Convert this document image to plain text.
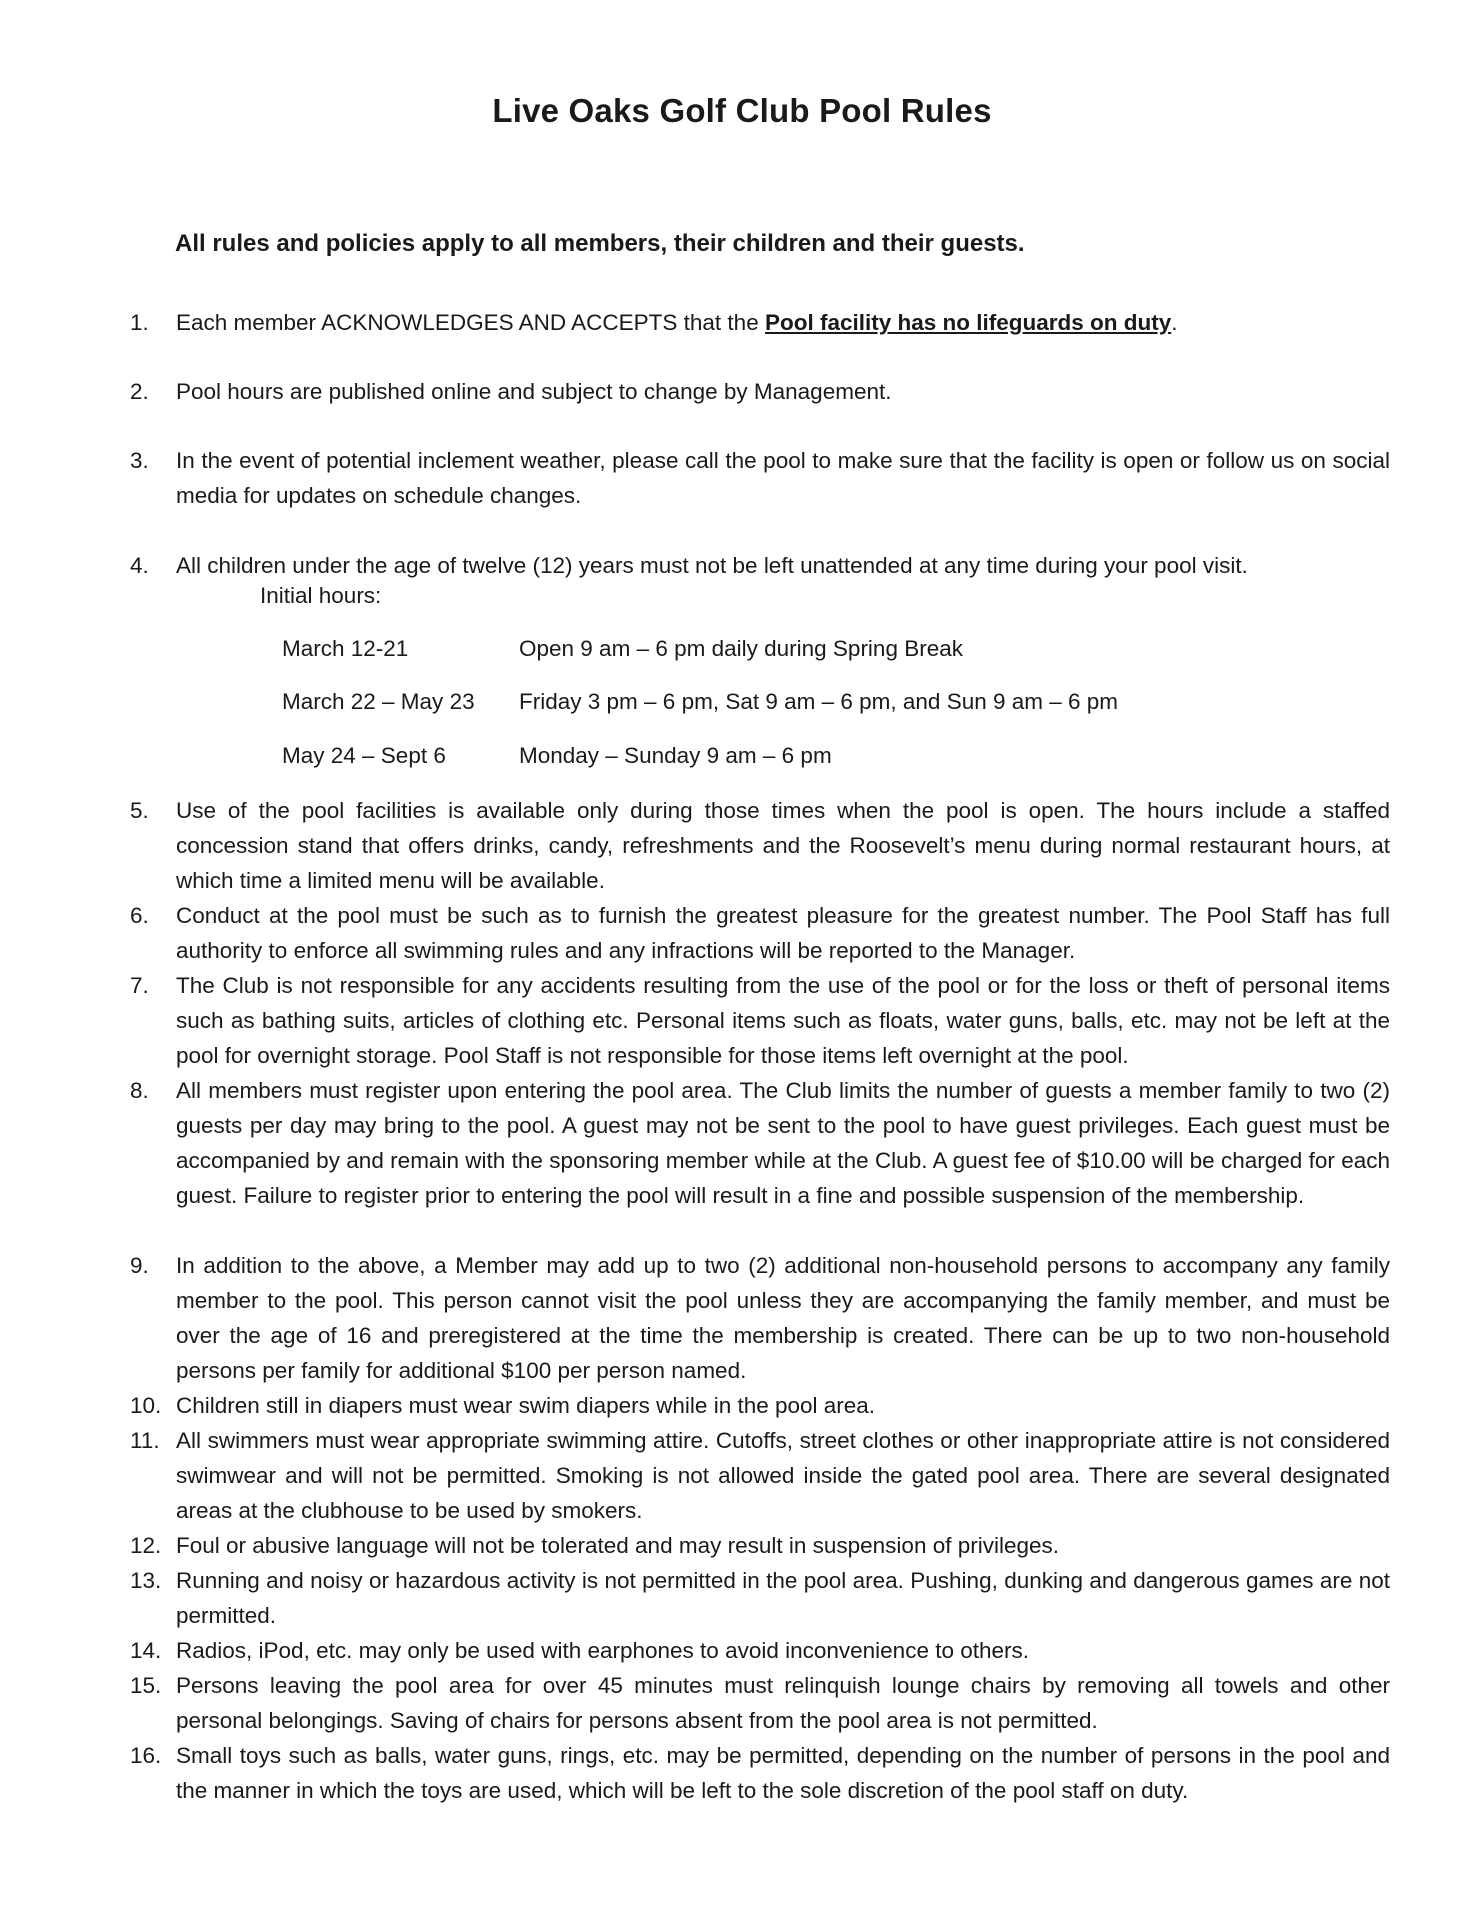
Live Oaks Golf Club Pool Rules
All rules and policies apply to all members, their children and their guests.
1.	Each member ACKNOWLEDGES AND ACCEPTS that the Pool facility has no lifeguards on duty.
2.	Pool hours are published online and subject to change by Management.
3.	In the event of potential inclement weather, please call the pool to make sure that the facility is open or follow us on social media for updates on schedule changes.
4.	All children under the age of twelve (12) years must not be left unattended at any time during your pool visit.
Initial hours:
March 12-21	Open 9 am – 6 pm daily during Spring Break
March 22 – May 23 Friday 3 pm – 6 pm, Sat 9 am – 6 pm, and Sun 9 am – 6 pm
May 24 – Sept 6	Monday – Sunday 9 am – 6 pm
5.	Use of the pool facilities is available only during those times when the pool is open. The hours include a staffed concession stand that offers drinks, candy, refreshments and the Roosevelt’s menu during normal restaurant hours, at which time a limited menu will be available.
6.	Conduct at the pool must be such as to furnish the greatest pleasure for the greatest number. The Pool Staff has full authority to enforce all swimming rules and any infractions will be reported to the Manager.
7.	The Club is not responsible for any accidents resulting from the use of the pool or for the loss or theft of personal items such as bathing suits, articles of clothing etc. Personal items such as floats, water guns, balls, etc. may not be left at the pool for overnight storage. Pool Staff is not responsible for those items left overnight at the pool.
8.	All members must register upon entering the pool area. The Club limits the number of guests a member family to two (2) guests per day may bring to the pool. A guest may not be sent to the pool to have guest privileges. Each guest must be accompanied by and remain with the sponsoring member while at the Club. A guest fee of $10.00 will be charged for each guest. Failure to register prior to entering the pool will result in a fine and possible suspension of the membership.
9.	In addition to the above, a Member may add up to two (2) additional non-household persons to accompany any family member to the pool. This person cannot visit the pool unless they are accompanying the family member, and must be over the age of 16 and preregistered at the time the membership is created. There can be up to two non-household persons per family for additional $100 per person named.
10. Children still in diapers must wear swim diapers while in the pool area.
11. All swimmers must wear appropriate swimming attire. Cutoffs, street clothes or other inappropriate attire is not considered swimwear and will not be permitted. Smoking is not allowed inside the gated pool area. There are several designated areas at the clubhouse to be used by smokers.
12. Foul or abusive language will not be tolerated and may result in suspension of privileges.
13. Running and noisy or hazardous activity is not permitted in the pool area. Pushing, dunking and dangerous games are not permitted.
14. Radios, iPod, etc. may only be used with earphones to avoid inconvenience to others.
15. Persons leaving the pool area for over 45 minutes must relinquish lounge chairs by removing all towels and other personal belongings. Saving of chairs for persons absent from the pool area is not permitted.
16. Small toys such as balls, water guns, rings, etc. may be permitted, depending on the number of persons in the pool and the manner in which the toys are used, which will be left to the sole discretion of the pool staff on duty.
